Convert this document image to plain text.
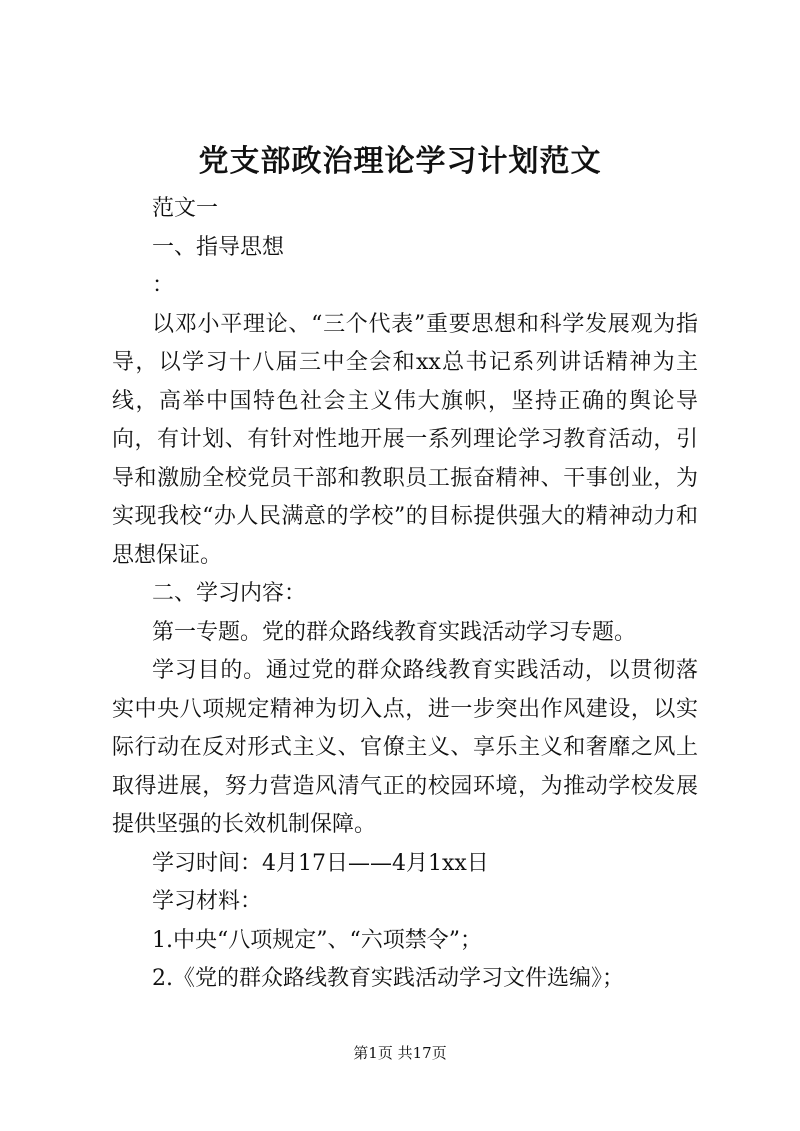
党支部政治理论学习计划范文

范文一

一、指导思想

：

以邓小平理论、“三个代表”重要思想和科学发展观为指导，以学习十八届三中全会和xx总书记系列讲话精神为主线，高举中国特色社会主义伟大旗帜，坚持正确的舆论导向，有计划、有针对性地开展一系列理论学习教育活动，引导和激励全校党员干部和教职员工振奋精神、干事创业，为实现我校“办人民满意的学校”的目标提供强大的精神动力和思想保证。

二、学习内容：

第一专题。党的群众路线教育实践活动学习专题。

学习目的。通过党的群众路线教育实践活动，以贯彻落实中央八项规定精神为切入点，进一步突出作风建设，以实际行动在反对形式主义、官僚主义、享乐主义和奢靡之风上取得进展，努力营造风清气正的校园环境，为推动学校发展提供坚强的长效机制保障。

学习时间：4月17日——4月1xx日

学习材料：

1.中央“八项规定”、“六项禁令”；

2.《党的群众路线教育实践活动学习文件选编》；

第1页 共17页
